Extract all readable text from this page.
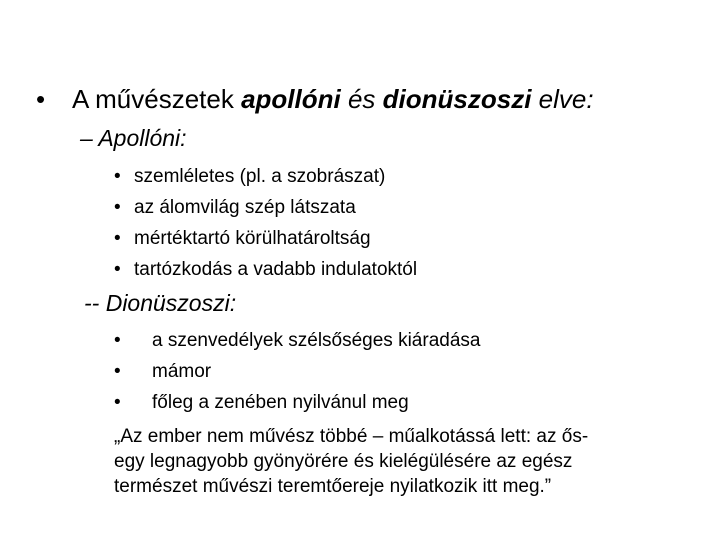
• A művészetek apollóni és dionüszoszi elve:
– Apollóni:
• szemléletes (pl. a szobrászat)
• az álomvilág szép látszata
• mértéktartó körülhatároltság
• tartózkodás a vadabb indulatoktól
-- Dionüszoszi:
• a szenvedélyek szélsőséges kiáradása
• mámor
• főleg a zenében nyilvánul meg
„Az ember nem művész többé – műalkotássá lett: az ős-
egy legnagyobb gyönyörére és kielégülésére az egész
természet művészi teremtőereje nyilatkozik itt meg.”
